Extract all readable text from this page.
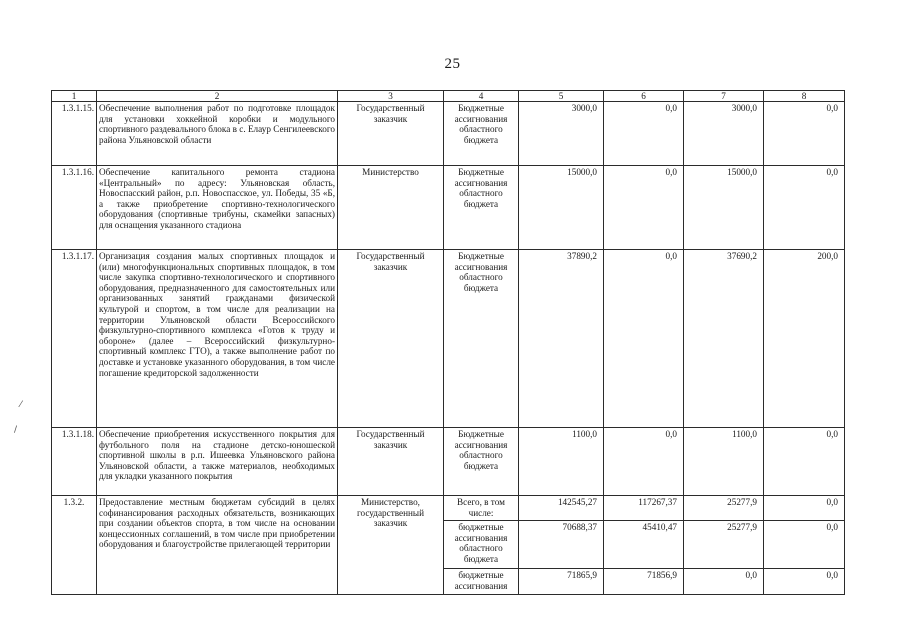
25
⁄
/
1	2	3	4	5	6	7	8
1.3.1.15.	Обеспечение выполнения работ по подготовке площадок для установки хоккейной коробки и модульного спортивного раздевального блока в с. Елаур Сенгилеевского района Ульяновской области	Государственный заказчик	Бюджетные ассигнования областного бюджета	3000,0	0,0	3000,0	0,0
1.3.1.16.	Обеспечение капитального ремонта стадиона «Центральный» по адресу: Ульяновская область, Новоспасский район, р.п. Новоспасское, ул. Победы, 35 «Б, а также приобретение спортивно-технологического оборудования (спортивные трибуны, скамейки запасных) для оснащения указанного стадиона	Министерство	Бюджетные ассигнования областного бюджета	15000,0	0,0	15000,0	0,0
1.3.1.17.	Организация создания малых спортивных площадок и (или) многофункциональных спортивных площадок, в том числе закупка спортивно-технологического и спортивного оборудования, предназначенного для самостоятельных или организованных занятий гражданами физической культурой и спортом, в том числе для реализации на территории Ульяновской области Всероссийского физкультурно-спортивного комплекса «Готов к труду и обороне» (далее – Всероссийский физкультурно-спортивный комплекс ГТО), а также выполнение работ по доставке и установке указанного оборудования, в том числе погашение кредиторской задолженности	Государственный заказчик	Бюджетные ассигнования областного бюджета	37890,2	0,0	37690,2	200,0
1.3.1.18.	Обеспечение приобретения искусственного покрытия для футбольного поля на стадионе детско-юношеской спортивной школы в р.п. Ишеевка Ульяновского района Ульяновской области, а также материалов, необходимых для укладки указанного покрытия	Государственный заказчик	Бюджетные ассигнования областного бюджета	1100,0	0,0	1100,0	0,0
1.3.2.	Предоставление местным бюджетам субсидий в целях софинансирования расходных обязательств, возникающих при создании объектов спорта, в том числе на основании концессионных соглашений, в том числе при приобретении оборудования и благоустройстве прилегающей территории	Министерство, государственный заказчик	Всего, в том числе:	142545,27	117267,37	25277,9	0,0
			бюджетные ассигнования областного бюджета	70688,37	45410,47	25277,9	0,0
			бюджетные ассигнования	71865,9	71856,9	0,0	0,0
